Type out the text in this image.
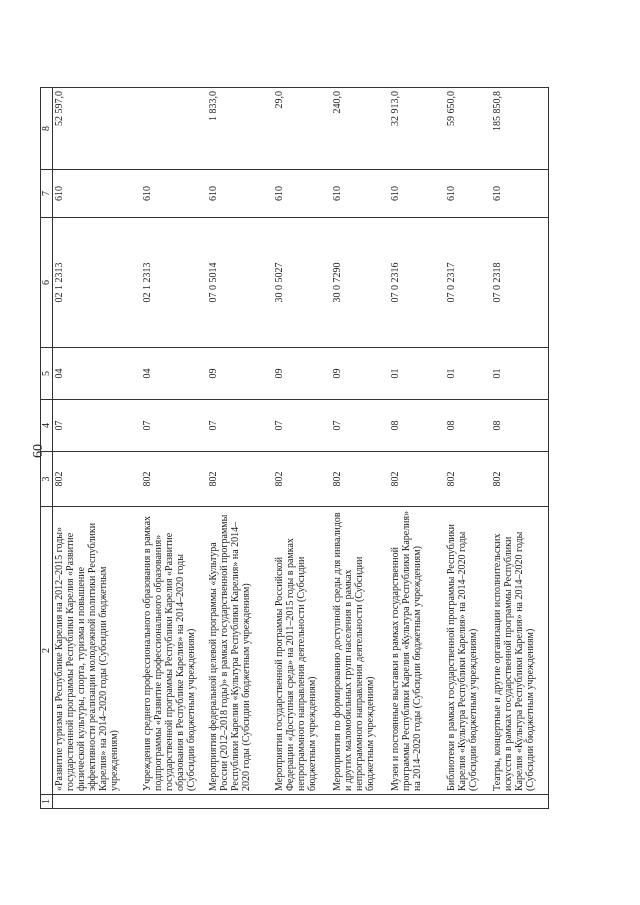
60
1	2	3	4	5	6	7	8
	«Развитие туризма в Республике Карелия на 2012–2015 годы» государственной программы Республики Карелия «Развитие физической культуры, спорта, туризма и повышение эффективности реализации молодежной политики Республики Карелия» на 2014–2020 годы (Субсидии бюджетным учреждениям)	802	07	04	02 1 2313	610	52 597,0
	Учреждения среднего профессионального образования в рамках подпрограммы «Развитие профессионального образования» государственной программы Республики Карелия «Развитие образования в Республике Карелия» на 2014–2020 годы (Субсидии бюджетным учреждениям)	802	07	04	02 1 2313	610	
	Мероприятия федеральной целевой программы «Культура России (2012–2018 годы)» в рамках государственной программы Республики Карелия «Культура Республики Карелия» на 2014–2020 годы (Субсидии бюджетным учреждениям)	802	07	09	07 0 5014	610	1 833,0
	Мероприятия государственной программы Российской Федерации «Доступная среда» на 2011–2015 годы в рамках непрограммного направления деятельности (Субсидии бюджетным учреждениям)	802	07	09	30 0 5027	610	29,0
	Мероприятия по формированию доступной среды для инвалидов и других маломобильных групп населения в рамках непрограммного направления деятельности (Субсидии бюджетным учреждениям)	802	07	09	30 0 7290	610	240,0
	Музеи и постоянные выставки в рамках государственной программы Республики Карелия «Культура Республики Карелия» на 2014–2020 годы (Субсидии бюджетным учреждениям)	802	08	01	07 0 2316	610	32 913,0
	Библиотеки в рамках государственной программы Республики Карелия «Культура Республики Карелия» на 2014–2020 годы (Субсидии бюджетным учреждениям)	802	08	01	07 0 2317	610	59 650,0
	Театры, концертные и другие организации исполнительских искусств в рамках государственной программы Республики Карелия «Культура Республики Карелия» на 2014–2020 годы (Субсидии бюджетным учреждениям)	802	08	01	07 0 2318	610	185 850,8
